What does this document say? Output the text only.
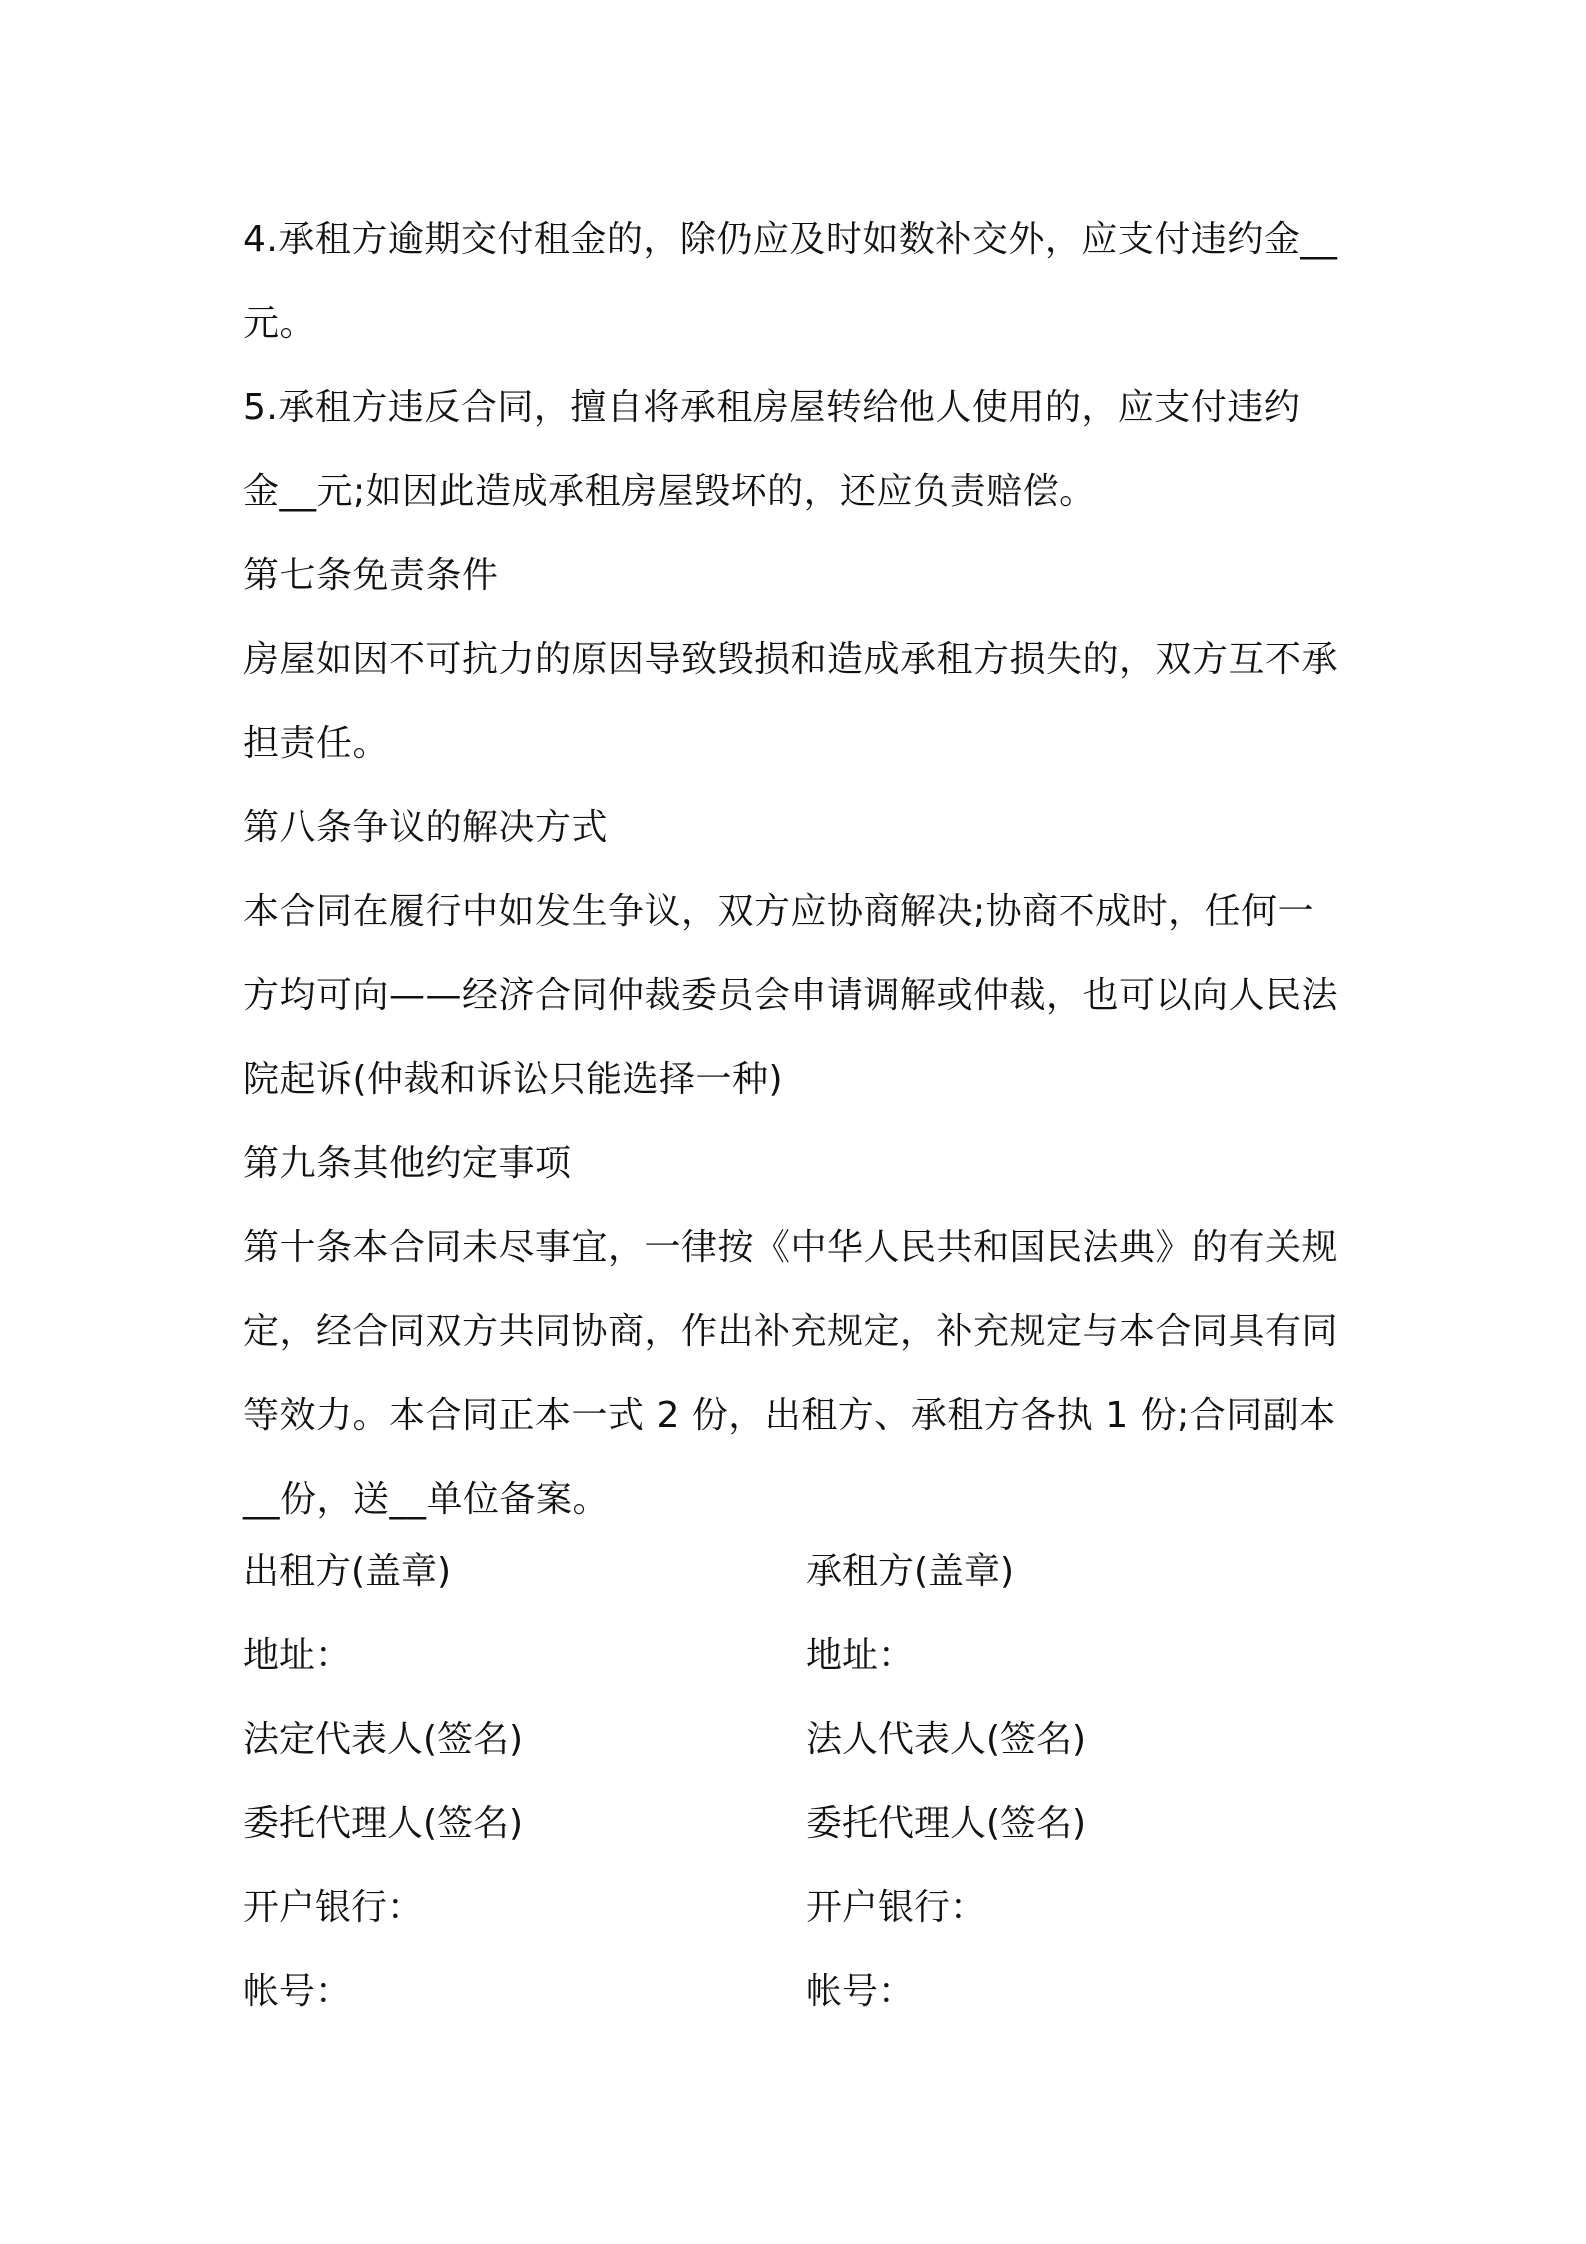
4.承租方逾期交付租金的，除仍应及时如数补交外，应支付违约金__
元。
5.承租方违反合同，擅自将承租房屋转给他人使用的，应支付违约
金__元;如因此造成承租房屋毁坏的，还应负责赔偿。
第七条免责条件
房屋如因不可抗力的原因导致毁损和造成承租方损失的，双方互不承
担责任。
第八条争议的解决方式
本合同在履行中如发生争议，双方应协商解决;协商不成时，任何一
方均可向——经济合同仲裁委员会申请调解或仲裁，也可以向人民法
院起诉(仲裁和诉讼只能选择一种)
第九条其他约定事项
第十条本合同未尽事宜，一律按《中华人民共和国民法典》的有关规
定，经合同双方共同协商，作出补充规定，补充规定与本合同具有同
等效力。本合同正本一式 2 份，出租方、承租方各执 1 份;合同副本
__份，送__单位备案。
出租方(盖章)	承租方(盖章)
地址：	地址：
法定代表人(签名)	法人代表人(签名)
委托代理人(签名)	委托代理人(签名)
开户银行：	开户银行：
帐号：	帐号：
